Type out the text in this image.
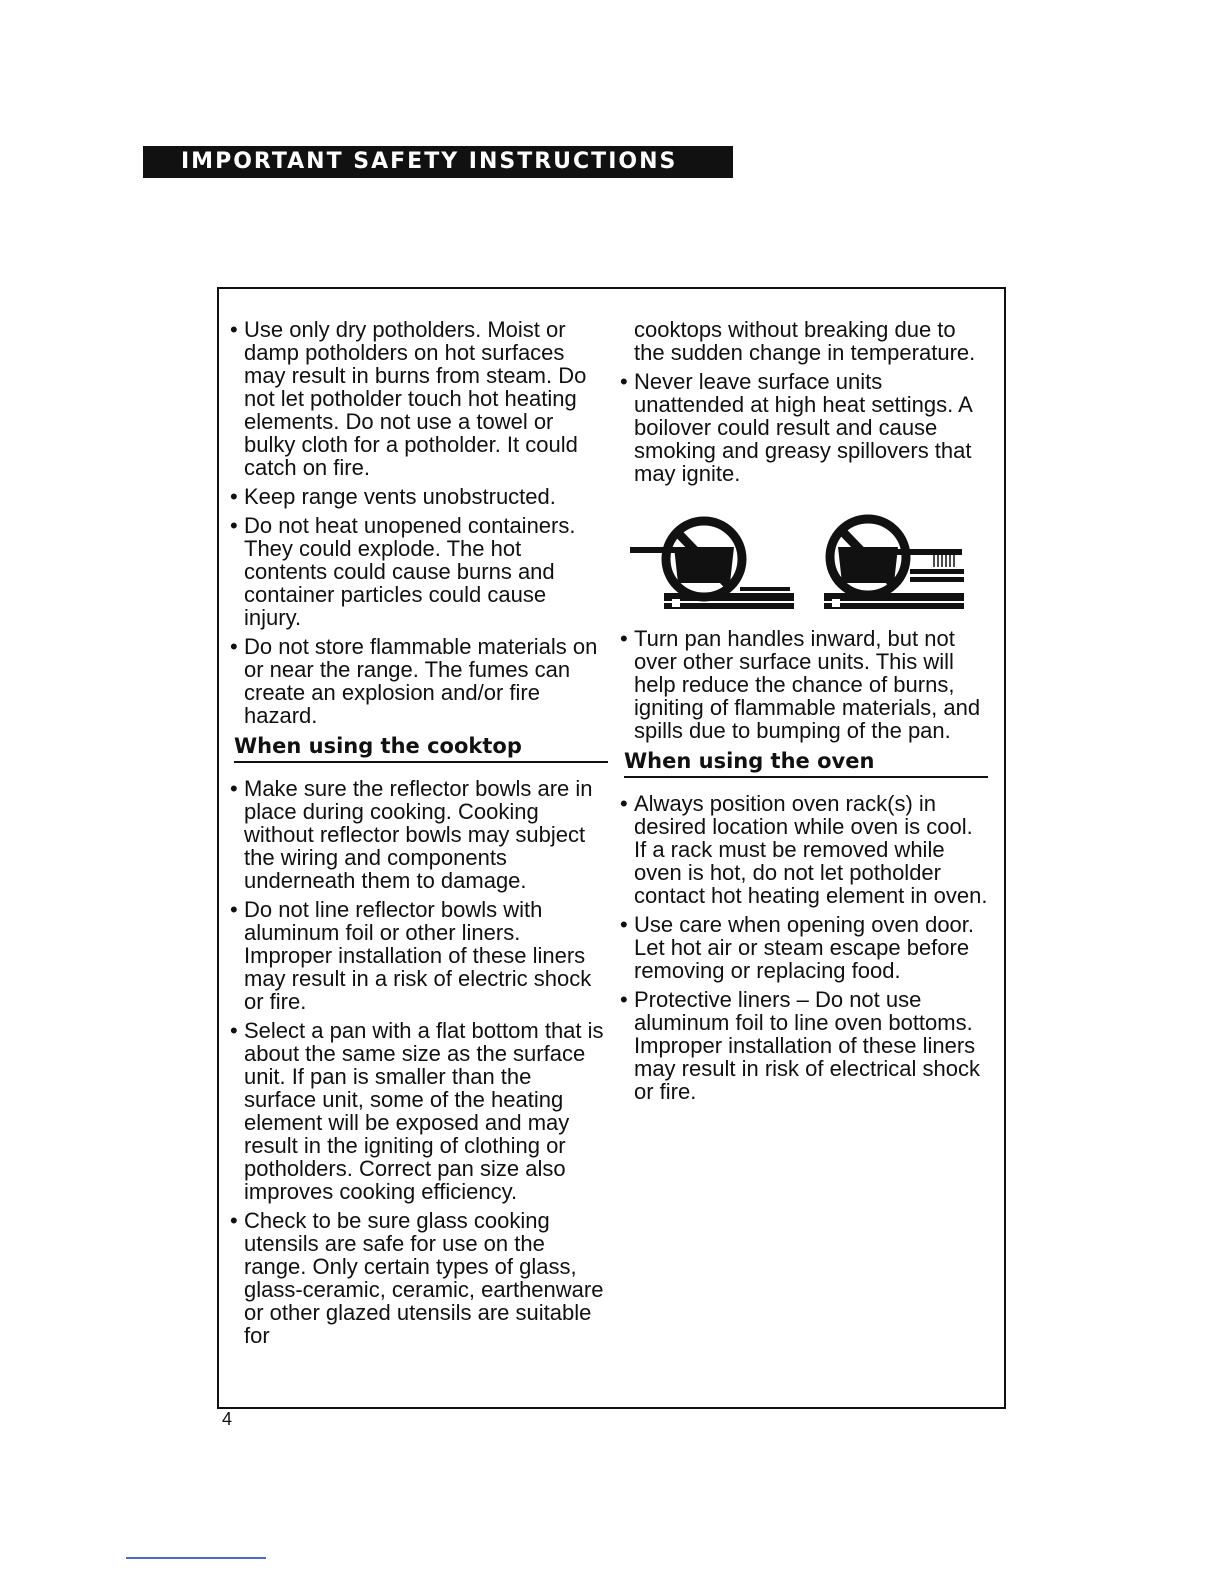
IMPORTANT SAFETY INSTRUCTIONS
• Use only dry potholders. Moist or damp potholders on hot surfaces may result in burns from steam. Do not let potholder touch hot heating elements. Do not use a towel or bulky cloth for a potholder. It could catch on fire.
• Keep range vents unobstructed.
• Do not heat unopened containers. They could explode. The hot contents could cause burns and container particles could cause injury.
• Do not store flammable materials on or near the range. The fumes can create an explosion and/or fire hazard.
When using the cooktop
• Make sure the reflector bowls are in place during cooking. Cooking without reflector bowls may subject the wiring and components underneath them to damage.
• Do not line reflector bowls with aluminum foil or other liners. Improper installation of these liners may result in a risk of electric shock or fire.
• Select a pan with a flat bottom that is about the same size as the surface unit. If pan is smaller than the surface unit, some of the heating element will be exposed and may result in the igniting of clothing or potholders. Correct pan size also improves cooking efficiency.
• Check to be sure glass cooking utensils are safe for use on the range. Only certain types of glass, glass-ceramic, ceramic, earthenware or other glazed utensils are suitable for
cooktops without breaking due to the sudden change in temperature.
• Never leave surface units unattended at high heat settings. A boilover could result and cause smoking and greasy spillovers that may ignite.
• Turn pan handles inward, but not over other surface units. This will help reduce the chance of burns, igniting of flammable materials, and spills due to bumping of the pan.
When using the oven
• Always position oven rack(s) in desired location while oven is cool. If a rack must be removed while oven is hot, do not let potholder contact hot heating element in oven.
• Use care when opening oven door. Let hot air or steam escape before removing or replacing food.
• Protective liners – Do not use aluminum foil to line oven bottoms. Improper installation of these liners may result in risk of electrical shock or fire.
4
